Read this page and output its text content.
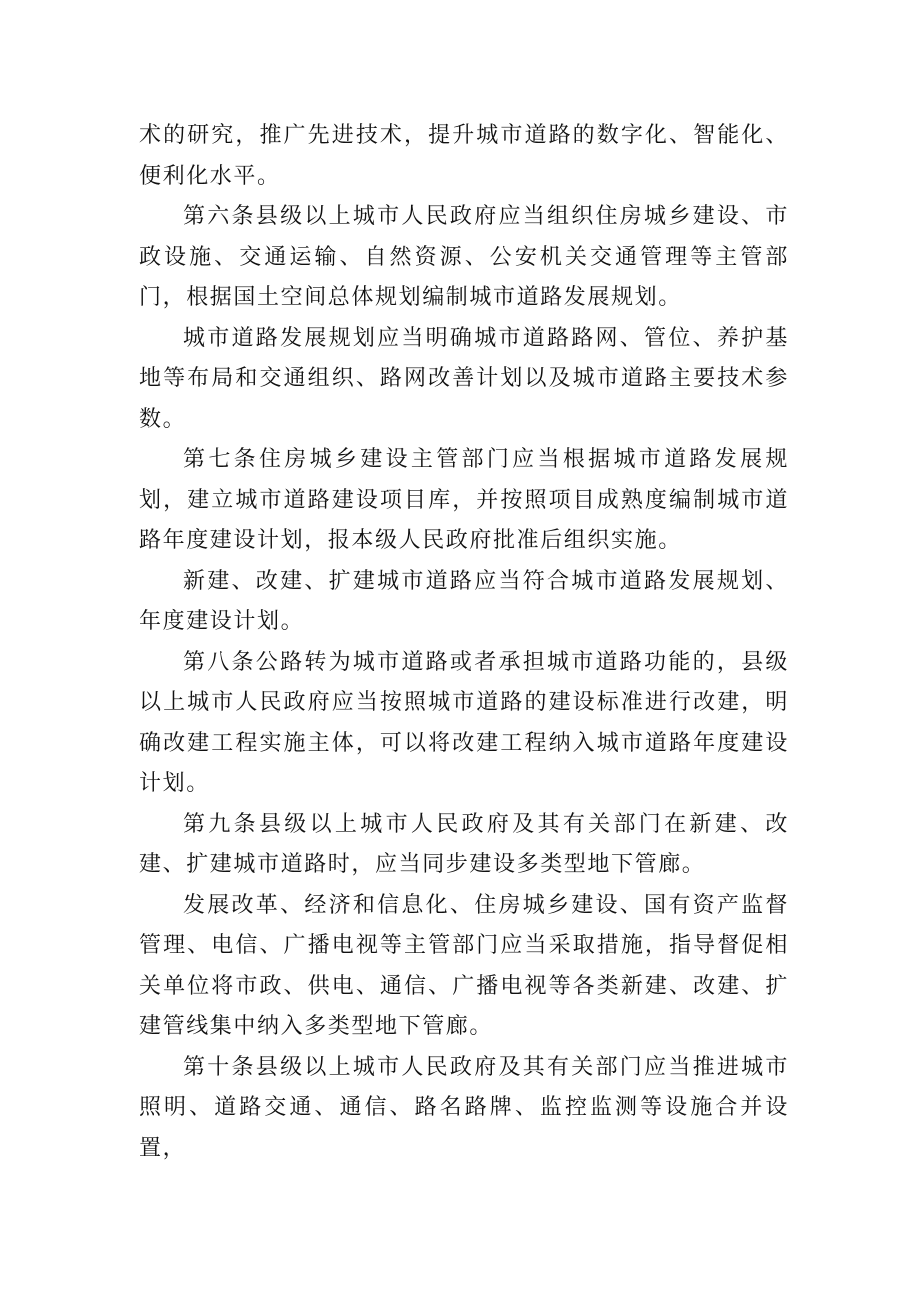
术的研究，推广先进技术，提升城市道路的数字化、智能化、便利化水平。

第六条县级以上城市人民政府应当组织住房城乡建设、市政设施、交通运输、自然资源、公安机关交通管理等主管部门，根据国土空间总体规划编制城市道路发展规划。

城市道路发展规划应当明确城市道路路网、管位、养护基地等布局和交通组织、路网改善计划以及城市道路主要技术参数。

第七条住房城乡建设主管部门应当根据城市道路发展规划，建立城市道路建设项目库，并按照项目成熟度编制城市道路年度建设计划，报本级人民政府批准后组织实施。

新建、改建、扩建城市道路应当符合城市道路发展规划、年度建设计划。

第八条公路转为城市道路或者承担城市道路功能的，县级以上城市人民政府应当按照城市道路的建设标准进行改建，明确改建工程实施主体，可以将改建工程纳入城市道路年度建设计划。

第九条县级以上城市人民政府及其有关部门在新建、改建、扩建城市道路时，应当同步建设多类型地下管廊。

发展改革、经济和信息化、住房城乡建设、国有资产监督管理、电信、广播电视等主管部门应当采取措施，指导督促相关单位将市政、供电、通信、广播电视等各类新建、改建、扩建管线集中纳入多类型地下管廊。

第十条县级以上城市人民政府及其有关部门应当推进城市照明、道路交通、通信、路名路牌、监控监测等设施合并设置，
